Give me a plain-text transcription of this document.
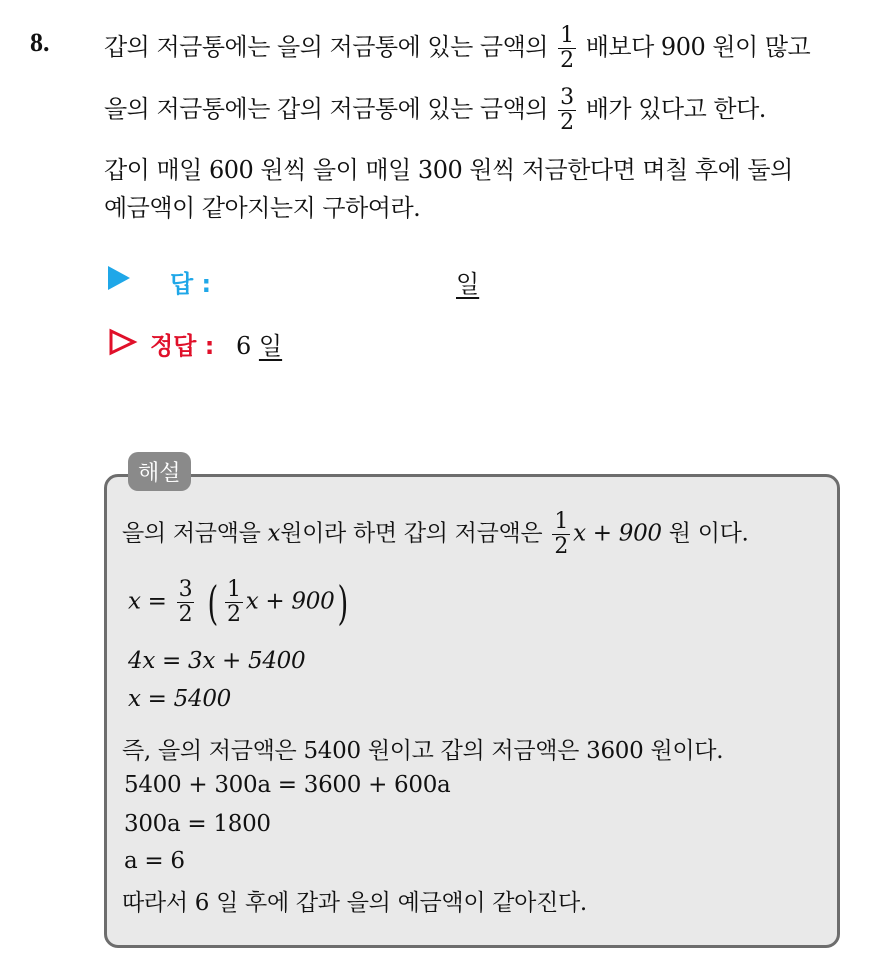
8. 갑의 저금통에는 을의 저금통에 있는 금액의 $\frac{1}{2}$ 배보다 900 원이 많고
을의 저금통에는 갑의 저금통에 있는 금액의 $\frac{3}{2}$ 배가 있다고 한다.
갑이 매일 600 원씩 을이 매일 300 원씩 저금한다면 며칠 후에 둘의
예금액이 같아지는지 구하여라.
답 :	일
정답 : 6 일
해설
을의 저금액을 x원이라 하면 갑의 저금액은 $\frac{1}{2}$ x + 900 원 이다.
$x = \frac{3}{2}$ ( $\frac{1}{2}$ x + 900)
4x = 3x + 5400
x = 5400
즉, 을의 저금액은 5400 원이고 갑의 저금액은 3600 원이다.
5400 + 300a = 3600 + 600a
300a = 1800
a = 6
따라서 6 일 후에 갑과 을의 예금액이 같아진다.
